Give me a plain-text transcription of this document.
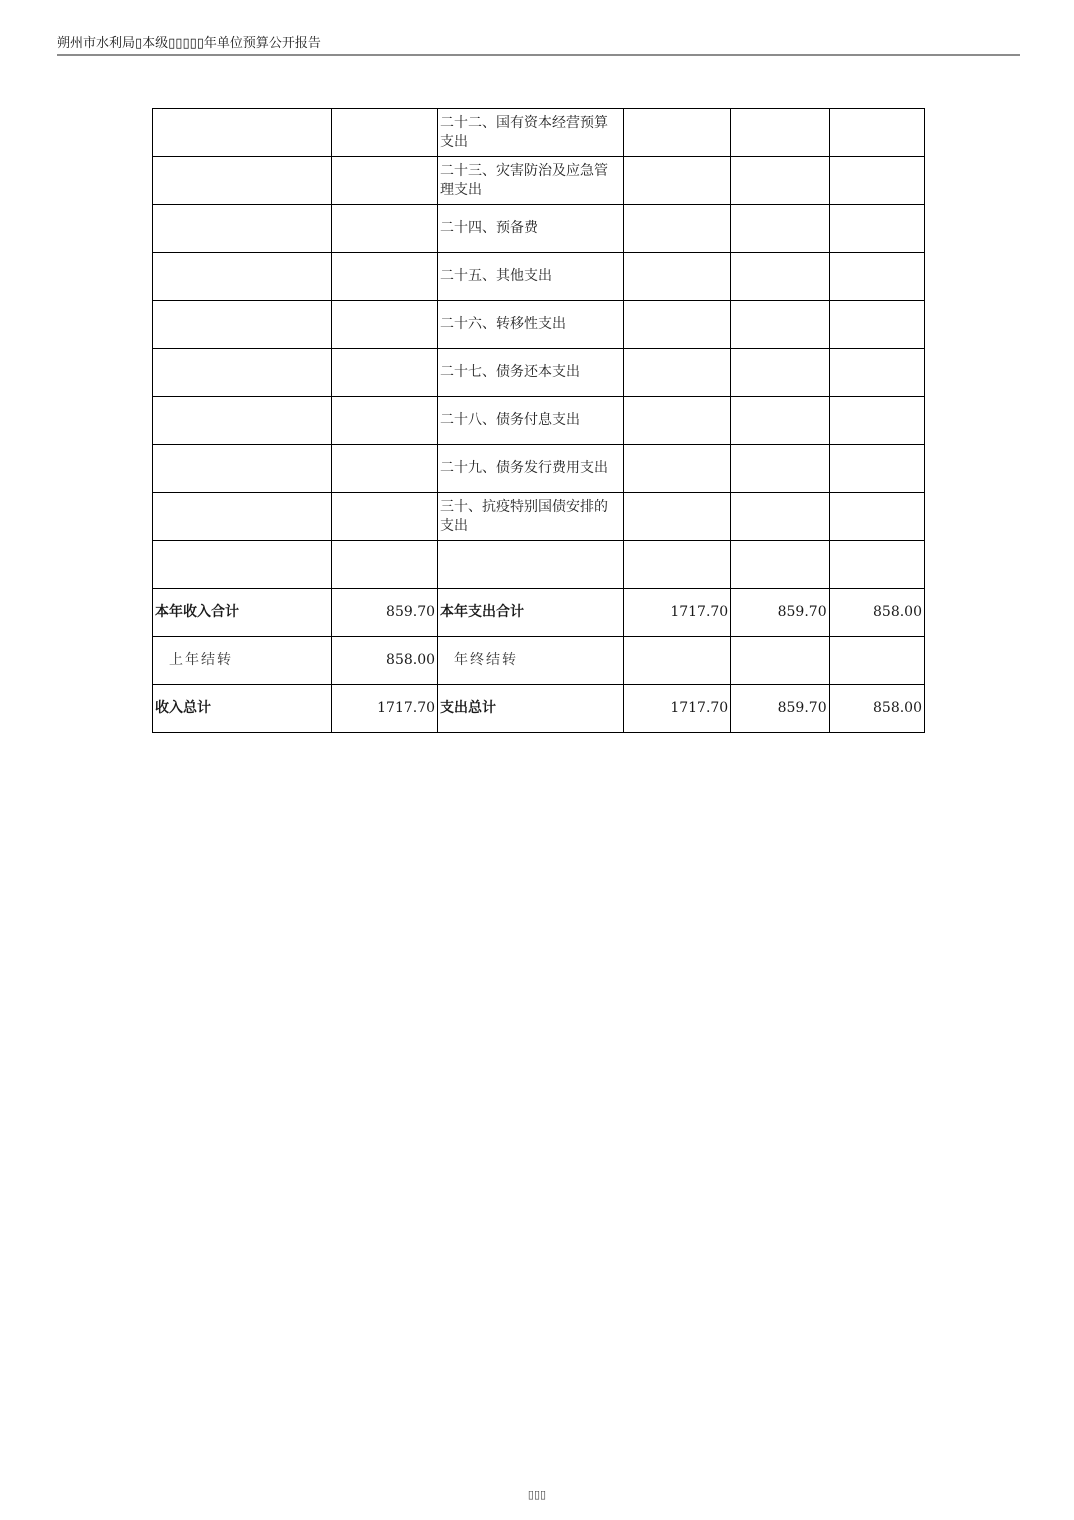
朔州市水利局▯本级▯▯▯▯▯年单位预算公开报告
		二十二、国有资本经营预算支出			
		二十三、灾害防治及应急管理支出			
		二十四、预备费			
		二十五、其他支出			
		二十六、转移性支出			
		二十七、债务还本支出			
		二十八、债务付息支出			
		二十九、债务发行费用支出			
		三十、抗疫特别国债安排的支出			

本年收入合计	859.70	本年支出合计	1717.70	859.70	858.00
上年结转	858.00	年终结转			
收入总计	1717.70	支出总计	1717.70	859.70	858.00
▯▯▯
